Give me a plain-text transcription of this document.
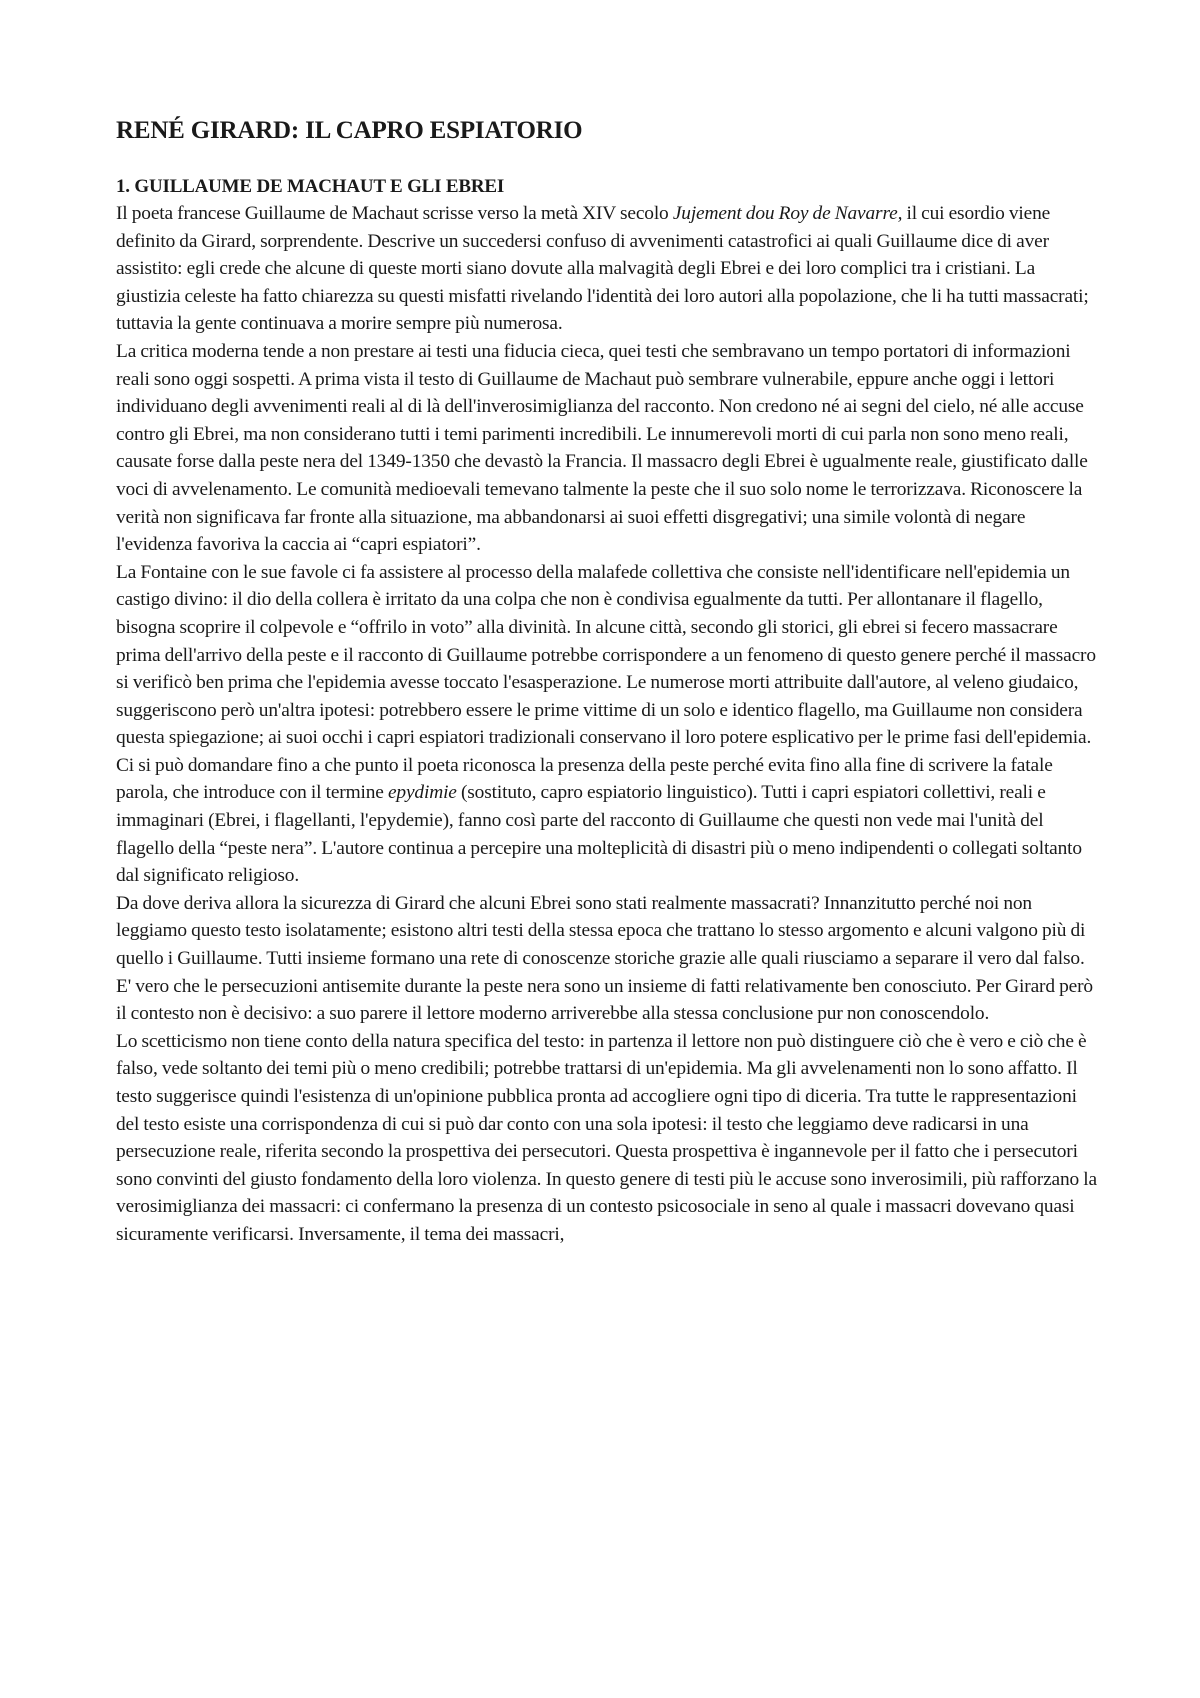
RENÉ GIRARD: IL CAPRO ESPIATORIO
1. GUILLAUME DE MACHAUT E GLI EBREI

Il poeta francese Guillaume de Machaut scrisse verso la metà XIV secolo Jujement dou Roy de Navarre, il cui esordio viene definito da Girard, sorprendente. Descrive un succedersi confuso di avvenimenti catastrofici ai quali Guillaume dice di aver assistito: egli crede che alcune di queste morti siano dovute alla malvagità degli Ebrei e dei loro complici tra i cristiani. La giustizia celeste ha fatto chiarezza su questi misfatti rivelando l'identità dei loro autori alla popolazione, che li ha tutti massacrati; tuttavia la gente continuava a morire sempre più numerosa.

La critica moderna tende a non prestare ai testi una fiducia cieca, quei testi che sembravano un tempo portatori di informazioni reali sono oggi sospetti. A prima vista il testo di Guillaume de Machaut può sembrare vulnerabile, eppure anche oggi i lettori individuano degli avvenimenti reali al di là dell'inverosimiglianza del racconto. Non credono né ai segni del cielo, né alle accuse contro gli Ebrei, ma non considerano tutti i temi parimenti incredibili. Le innumerevoli morti di cui parla non sono meno reali, causate forse dalla peste nera del 1349-1350 che devastò la Francia. Il massacro degli Ebrei è ugualmente reale, giustificato dalle voci di avvelenamento. Le comunità medioevali temevano talmente la peste che il suo solo nome le terrorizzava. Riconoscere la verità non significava far fronte alla situazione, ma abbandonarsi ai suoi effetti disgregativi; una simile volontà di negare l'evidenza favoriva la caccia ai “capri espiatori”.

La Fontaine con le sue favole ci fa assistere al processo della malafede collettiva che consiste nell'identificare nell'epidemia un castigo divino: il dio della collera è irritato da una colpa che non è condivisa egualmente da tutti. Per allontanare il flagello, bisogna scoprire il colpevole e “offrilo in voto” alla divinità. In alcune città, secondo gli storici, gli ebrei si fecero massacrare prima dell'arrivo della peste e il racconto di Guillaume potrebbe corrispondere a un fenomeno di questo genere perché il massacro si verificò ben prima che l'epidemia avesse toccato l'esasperazione. Le numerose morti attribuite dall'autore, al veleno giudaico, suggeriscono però un'altra ipotesi: potrebbero essere le prime vittime di un solo e identico flagello, ma Guillaume non considera questa spiegazione; ai suoi occhi i capri espiatori tradizionali conservano il loro potere esplicativo per le prime fasi dell'epidemia.

Ci si può domandare fino a che punto il poeta riconosca la presenza della peste perché evita fino alla fine di scrivere la fatale parola, che introduce con il termine epydimie (sostituto, capro espiatorio linguistico). Tutti i capri espiatori collettivi, reali e immaginari (Ebrei, i flagellanti, l'epydemie), fanno così parte del racconto di Guillaume che questi non vede mai l'unità del flagello della “peste nera”. L'autore continua a percepire una molteplicità di disastri più o meno indipendenti o collegati soltanto dal significato religioso.

Da dove deriva allora la sicurezza di Girard che alcuni Ebrei sono stati realmente massacrati? Innanzitutto perché noi non leggiamo questo testo isolatamente; esistono altri testi della stessa epoca che trattano lo stesso argomento e alcuni valgono più di quello i Guillaume. Tutti insieme formano una rete di conoscenze storiche grazie alle quali riusciamo a separare il vero dal falso. E' vero che le persecuzioni antisemite durante la peste nera sono un insieme di fatti relativamente ben conosciuto. Per Girard però il contesto non è decisivo: a suo parere il lettore moderno arriverebbe alla stessa conclusione pur non conoscendolo.

Lo scetticismo non tiene conto della natura specifica del testo: in partenza il lettore non può distinguere ciò che è vero e ciò che è falso, vede soltanto dei temi più o meno credibili; potrebbe trattarsi di un'epidemia. Ma gli avvelenamenti non lo sono affatto. Il testo suggerisce quindi l'esistenza di un'opinione pubblica pronta ad accogliere ogni tipo di diceria. Tra tutte le rappresentazioni del testo esiste una corrispondenza di cui si può dar conto con una sola ipotesi: il testo che leggiamo deve radicarsi in una persecuzione reale, riferita secondo la prospettiva dei persecutori. Questa prospettiva è ingannevole per il fatto che i persecutori sono convinti del giusto fondamento della loro violenza. In questo genere di testi più le accuse sono inverosimili, più rafforzano la verosimiglianza dei massacri: ci confermano la presenza di un contesto psicosociale in seno al quale i massacri dovevano quasi sicuramente verificarsi. Inversamente, il tema dei massacri,
